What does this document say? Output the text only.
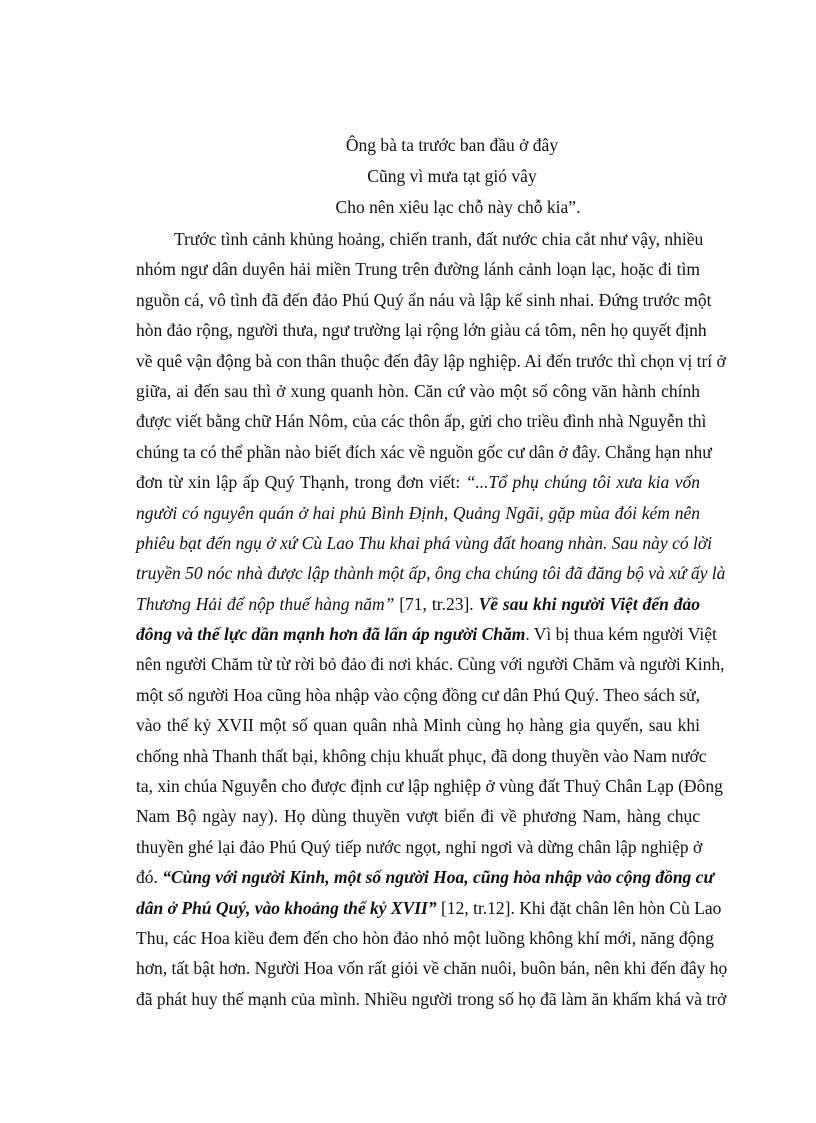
Ông bà ta trước ban đầu ở đây
Cũng vì mưa tạt gió vây
Cho nên xiêu lạc chỗ này chỗ kia”.
Trước tình cảnh khủng hoảng, chiến tranh, đất nước chia cắt như vậy, nhiều
nhóm ngư dân duyên hải miền Trung trên đường lánh cảnh loạn lạc, hoặc đi tìm
nguồn cá, vô tình đã đến đảo Phú Quý ẩn náu và lập kế sinh nhai. Đứng trước một
hòn đảo rộng, người thưa, ngư trường lại rộng lớn giàu cá tôm, nên họ quyết định
về quê vận động bà con thân thuộc đến đây lập nghiệp. Ai đến trước thì chọn vị trí ở
giữa, ai đến sau thì ở xung quanh hòn. Căn cứ vào một số công văn hành chính
được viết bằng chữ Hán Nôm, của các thôn ấp, gửi cho triều đình nhà Nguyễn thì
chúng ta có thể phần nào biết đích xác về nguồn gốc cư dân ở đây. Chẳng hạn như
đơn từ xin lập ấp Quý Thạnh, trong đơn viết: “...Tổ phụ chúng tôi xưa kia vốn
người có nguyên quán ở hai phủ Bình Định, Quảng Ngãi, gặp mùa đói kém nên
phiêu bạt đến ngụ ở xứ Cù Lao Thu khai phá vùng đất hoang nhàn. Sau này có lời
truyền 50 nóc nhà được lập thành một ấp, ông cha chúng tôi đã đăng bộ và xứ ấy là
Thương Hải để nộp thuế hàng năm” [71, tr.23]. Về sau khi người Việt đến đảo
đông và thế lực dần mạnh hơn đã lấn áp người Chăm. Vì bị thua kém người Việt
nên người Chăm từ từ rời bỏ đảo đi nơi khác. Cùng với người Chăm và người Kinh,
một số người Hoa cũng hòa nhập vào cộng đồng cư dân Phú Quý. Theo sách sử,
vào thế kỷ XVII một số quan quân nhà Minh cùng họ hàng gia quyến, sau khi
chống nhà Thanh thất bại, không chịu khuất phục, đã dong thuyền vào Nam nước
ta, xin chúa Nguyễn cho được định cư lập nghiệp ở vùng đất Thuỷ Chân Lạp (Đông
Nam Bộ ngày nay). Họ dùng thuyền vượt biển đi về phương Nam, hàng chục
thuyền ghé lại đảo Phú Quý tiếp nước ngọt, nghỉ ngơi và dừng chân lập nghiệp ở
đó. “Cùng với người Kinh, một số người Hoa, cũng hòa nhập vào cộng đồng cư
dân ở Phú Quý, vào khoảng thế kỷ XVII” [12, tr.12]. Khi đặt chân lên hòn Cù Lao
Thu, các Hoa kiều đem đến cho hòn đảo nhỏ một luồng không khí mới, năng động
hơn, tất bật hơn. Người Hoa vốn rất giỏi về chăn nuôi, buôn bán, nên khi đến đây họ
đã phát huy thế mạnh của mình. Nhiều người trong số họ đã làm ăn khấm khá và trở
